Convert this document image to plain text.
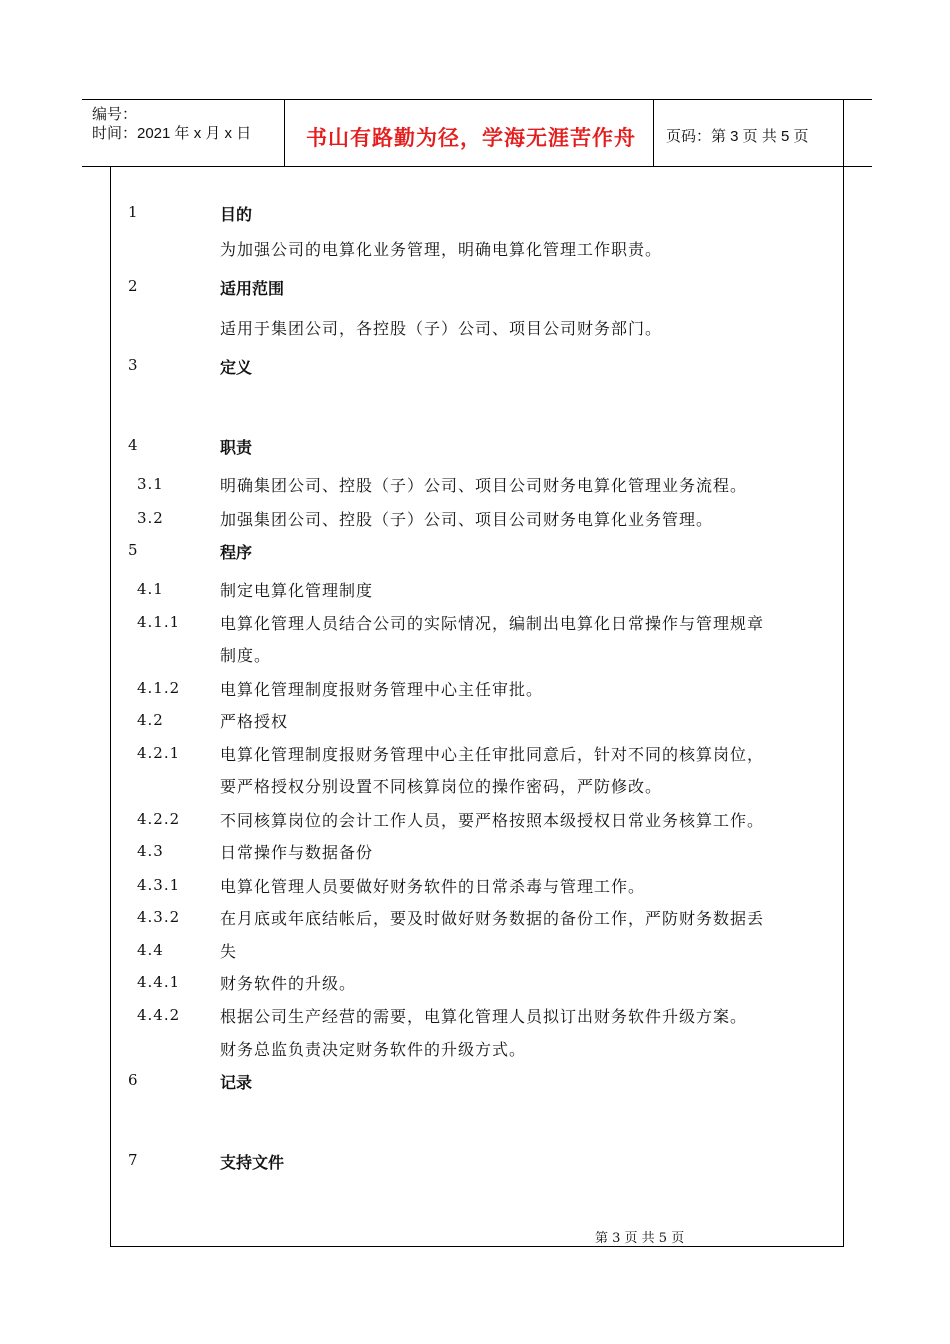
编号：
时间：2021 年 x 月 x 日	书山有路勤为径，学海无涯苦作舟 页码：第 3 页 共 5 页
1	目的
为加强公司的电算化业务管理，明确电算化管理工作职责。
2	适用范围
适用于集团公司，各控股（子）公司、项目公司财务部门。
3	定义
4	职责
3.1	明确集团公司、控股（子）公司、项目公司财务电算化管理业务流程。
3.2	加强集团公司、控股（子）公司、项目公司财务电算化业务管理。
5	程序
4.1	制定电算化管理制度
4.1.1 电算化管理人员结合公司的实际情况，编制出电算化日常操作与管理规章
制度。
4.1.2 电算化管理制度报财务管理中心主任审批。
4.2	严格授权
4.2.1 电算化管理制度报财务管理中心主任审批同意后，针对不同的核算岗位，
要严格授权分别设置不同核算岗位的操作密码，严防修改。
4.2.2 不同核算岗位的会计工作人员，要严格按照本级授权日常业务核算工作。
4.3	日常操作与数据备份
4.3.1 电算化管理人员要做好财务软件的日常杀毒与管理工作。
4.3.2 在月底或年底结帐后，要及时做好财务数据的备份工作，严防财务数据丢
4.4	失
4.4.1 财务软件的升级。
4.4.2 根据公司生产经营的需要，电算化管理人员拟订出财务软件升级方案。
财务总监负责决定财务软件的升级方式。
6	记录
7	支持文件
第 3 页 共 5 页
